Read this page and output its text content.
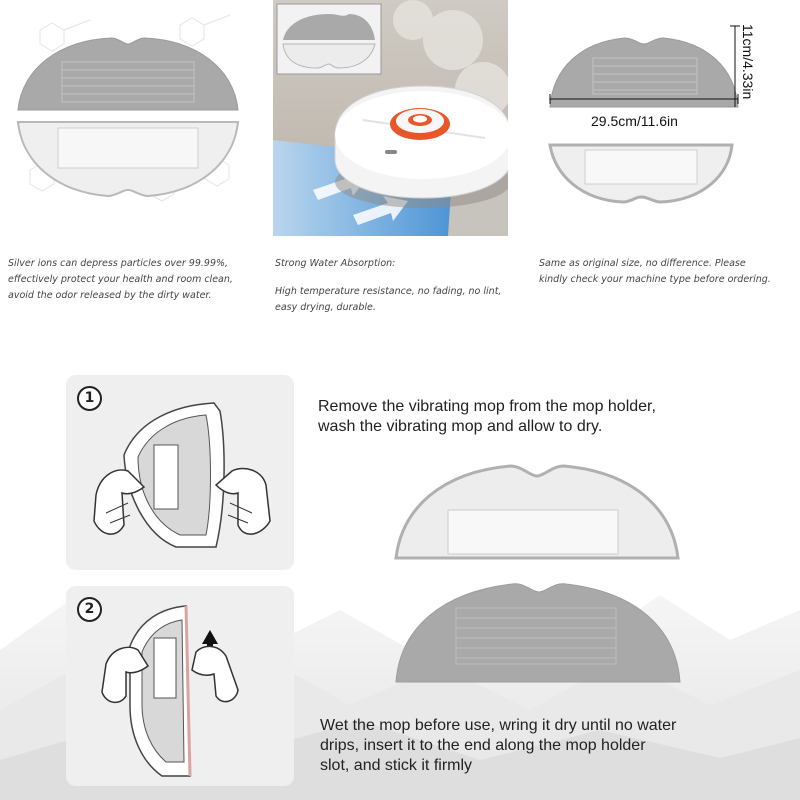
29.5cm/11.6in
11cm/4.33in

Silver ions can depress particles over 99.99%,

effectively protect your health and room clean,

avoid the odor released by the dirty water.

Strong Water Absorption:

High temperature resistance, no fading, no lint,

easy drying, durable.

Same as original size, no difference. Please

kindly check your machine type before ordering.

1
2

Remove the vibrating mop from the mop holder,

wash the vibrating mop and allow to dry.

Wet the mop before use, wring it dry until no water

drips, insert it to the end along the mop holder

slot, and stick it firmly
